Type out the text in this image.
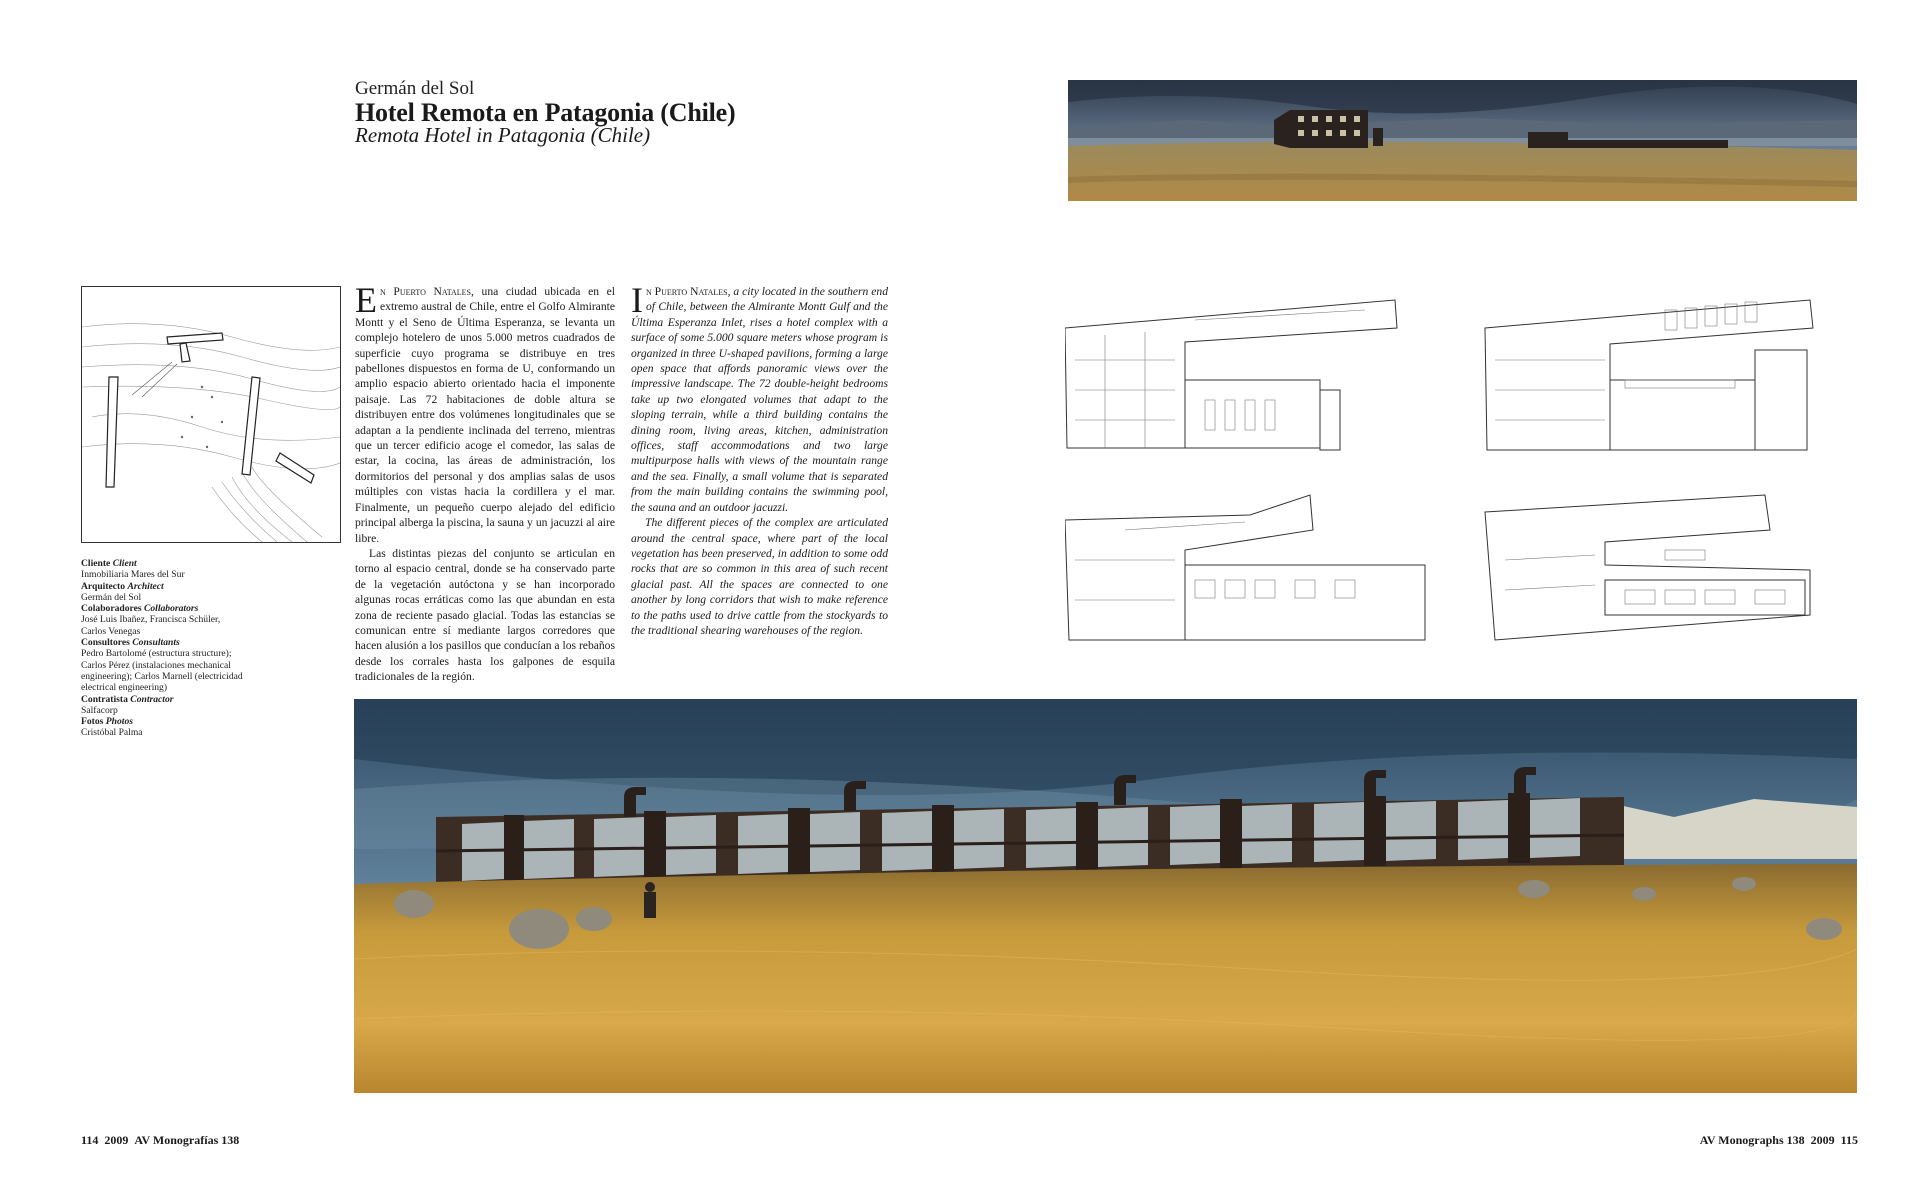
Germán del Sol
Hotel Remota en Patagonia (Chile)
Remota Hotel in Patagonia (Chile)
Cliente Client
Inmobiliaria Mares del Sur
Arquitecto Architect
Germán del Sol
Colaboradores Collaborators
José Luis Ibañez, Francisca Schüler,
Carlos Venegas
Consultores Consultants
Pedro Bartolomé (estructura structure);
Carlos Pérez (instalaciones mechanical
engineering); Carlos Marnell (electricidad
electrical engineering)
Contratista Contractor
Salfacorp
Fotos Photos
Cristóbal Palma

En Puerto Natales, una ciudad ubicada en el extremo austral de Chile, entre el Golfo Almirante Montt y el Seno de Última Esperanza, se levanta un complejo hotelero de unos 5.000 metros cuadrados de superficie cuyo programa se distribuye en tres pabellones dispuestos en forma de U, conformando un amplio espacio abierto orientado hacia el imponente paisaje. Las 72 habitaciones de doble altura se distribuyen entre dos volúmenes longitudinales que se adaptan a la pendiente inclinada del terreno, mientras que un tercer edificio acoge el comedor, las salas de estar, la cocina, las áreas de administración, los dormitorios del personal y dos amplias salas de usos múltiples con vistas hacia la cordillera y el mar. Finalmente, un pequeño cuerpo alejado del edificio principal alberga la piscina, la sauna y un jacuzzi al aire libre.

Las distintas piezas del conjunto se articulan en torno al espacio central, donde se ha conservado parte de la vegetación autóctona y se han incorporado algunas rocas erráticas como las que abundan en esta zona de reciente pasado glacial. Todas las estancias se comunican entre sí mediante largos corredores que hacen alusión a los pasillos que conducían a los rebaños desde los corrales hasta los galpones de esquila tradicionales de la región.

In Puerto Natales, a city located in the southern end of Chile, between the Almirante Montt Gulf and the Última Esperanza Inlet, rises a hotel complex with a surface of some 5.000 square meters whose program is organized in three U-shaped pavilions, forming a large open space that affords panoramic views over the impressive landscape. The 72 double-height bedrooms take up two elongated volumes that adapt to the sloping terrain, while a third building contains the dining room, living areas, kitchen, administration offices, staff accommodations and two large multipurpose halls with views of the mountain range and the sea. Finally, a small volume that is separated from the main building contains the swimming pool, the sauna and an outdoor jacuzzi.

The different pieces of the complex are articulated around the central space, where part of the local vegetation has been preserved, in addition to some odd rocks that are so common in this area of such recent glacial past. All the spaces are connected to one another by long corridors that wish to make reference to the paths used to drive cattle from the stockyards to the traditional shearing warehouses of the region.

114 2009 AV Monografías 138	AV Monographs 138 2009 115
